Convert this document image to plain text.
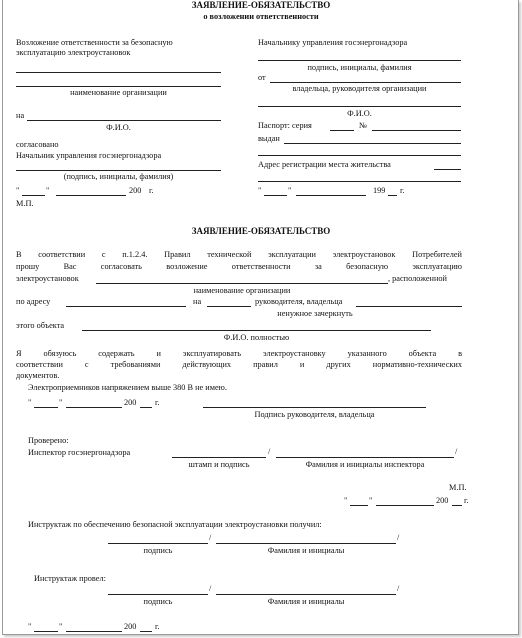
ЗАЯВЛЕНИЕ-ОБЯЗАТЕЛЬСТВО
о возложении ответственности
Возложение ответственности за безопасную
эксплуатацию электроустановок
наименование организации
на
Ф.И.О.
согласовано
Начальник управления госэнергонадзора
(подпись, инициалы, фамилия)
"	"	200 г.
М.П.
Начальнику управления госэнергонадзора
подпись, инициалы, фамилия
от
владельца, руководителя организации
Ф.И.О.
Паспорт: серия	№
выдан
Адрес регистрации места жительства
"	"	199 г.
ЗАЯВЛЕНИЕ-ОБЯЗАТЕЛЬСТВО
В соответствии с п.1.2.4. Правил технической эксплуатации электроустановок Потребителей
прошу Вас согласовать возложение ответственности за безопасную эксплуатацию
электроустановок	, расположенной
наименование организации
по адресу	на	руководителя, владельца
ненужное зачеркнуть
этого объекта
Ф.И.О. полностью
Я обязуюсь содержать и эксплуатировать электроустановку указанного объекта в
соответствии с требованиями действующих правил и других нормативно-технических
документов.
Электроприемников напряжением выше 380 В не имею.
"	"	200 г.
Подпись руководителя, владельца
Проверено:
Инспектор госэнергонадзора	/	/
штамп и подпись	Фамилия и инициалы инспектора
М.П.
"	"	200 г.
Инструктаж по обеспечению безопасной эксплуатации электроустановки получил:
/	/
подпись	Фамилия и инициалы
Инструктаж провел:
/	/
подпись	Фамилия и инициалы
"	"	200 г.
